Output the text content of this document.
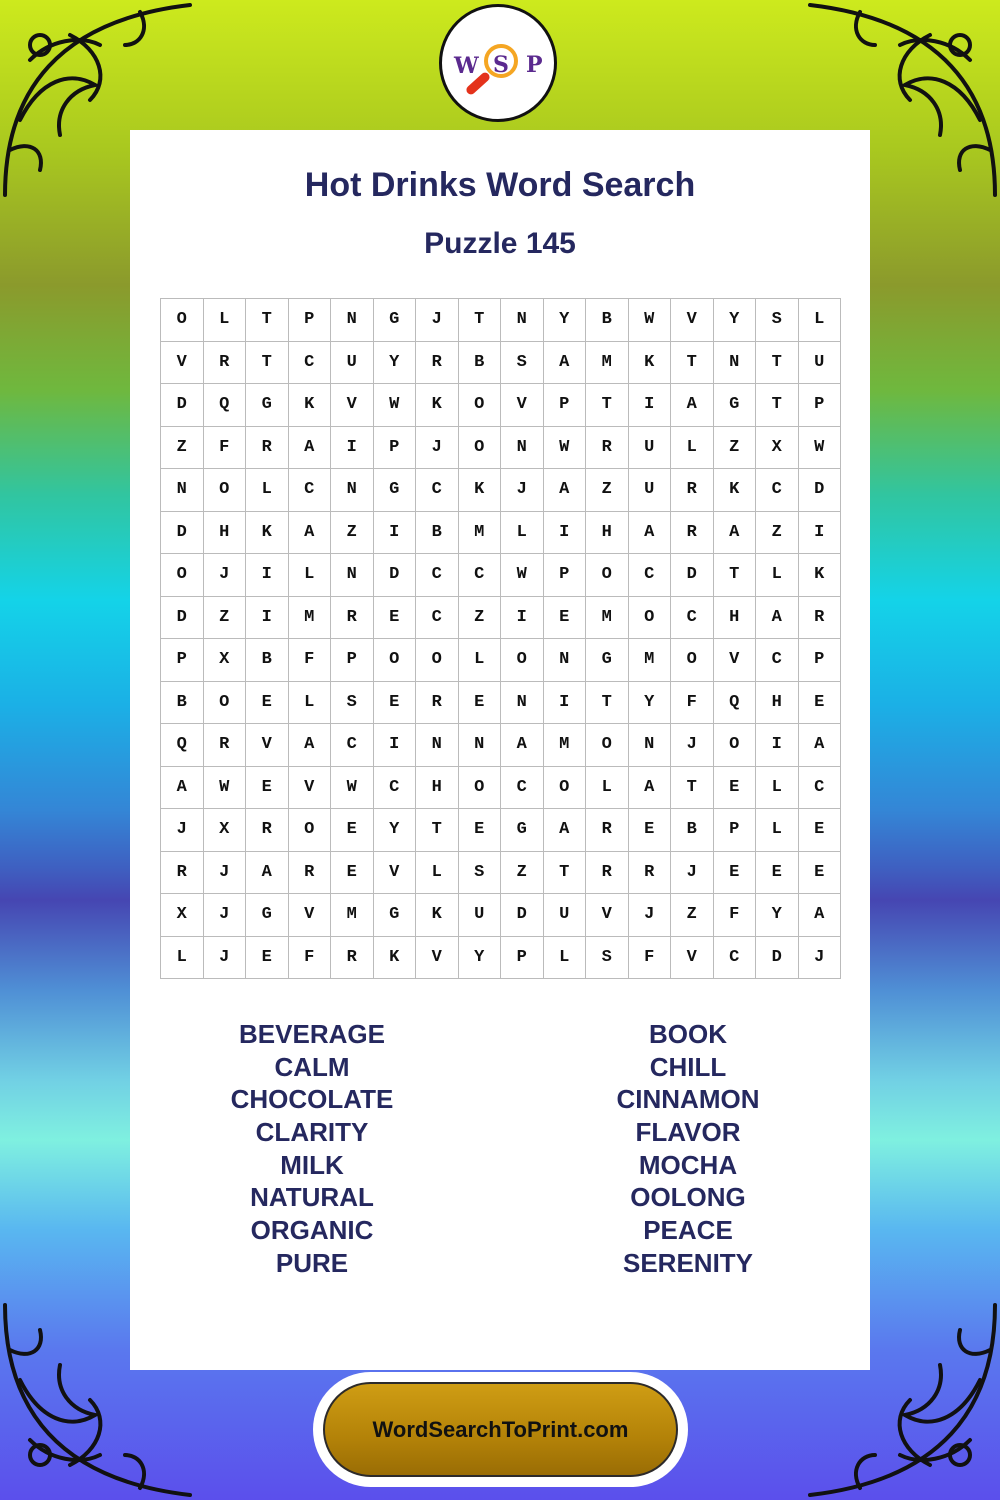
W S P
Hot Drinks Word Search
Puzzle 145
O	L	T	P	N	G	J	T	N	Y	B	W	V	Y	S	L
V	R	T	C	U	Y	R	B	S	A	M	K	T	N	T	U
D	Q	G	K	V	W	K	O	V	P	T	I	A	G	T	P
Z	F	R	A	I	P	J	O	N	W	R	U	L	Z	X	W
N	O	L	C	N	G	C	K	J	A	Z	U	R	K	C	D
D	H	K	A	Z	I	B	M	L	I	H	A	R	A	Z	I
O	J	I	L	N	D	C	C	W	P	O	C	D	T	L	K
D	Z	I	M	R	E	C	Z	I	E	M	O	C	H	A	R
P	X	B	F	P	O	O	L	O	N	G	M	O	V	C	P
B	O	E	L	S	E	R	E	N	I	T	Y	F	Q	H	E
Q	R	V	A	C	I	N	N	A	M	O	N	J	O	I	A
A	W	E	V	W	C	H	O	C	O	L	A	T	E	L	C
J	X	R	O	E	Y	T	E	G	A	R	E	B	P	L	E
R	J	A	R	E	V	L	S	Z	T	R	R	J	E	E	E
X	J	G	V	M	G	K	U	D	U	V	J	Z	F	Y	A
L	J	E	F	R	K	V	Y	P	L	S	F	V	C	D	J
BEVERAGE
CALM
CHOCOLATE
CLARITY
MILK
NATURAL
ORGANIC
PURE
BOOK
CHILL
CINNAMON
FLAVOR
MOCHA
OOLONG
PEACE
SERENITY
WordSearchToPrint.com
